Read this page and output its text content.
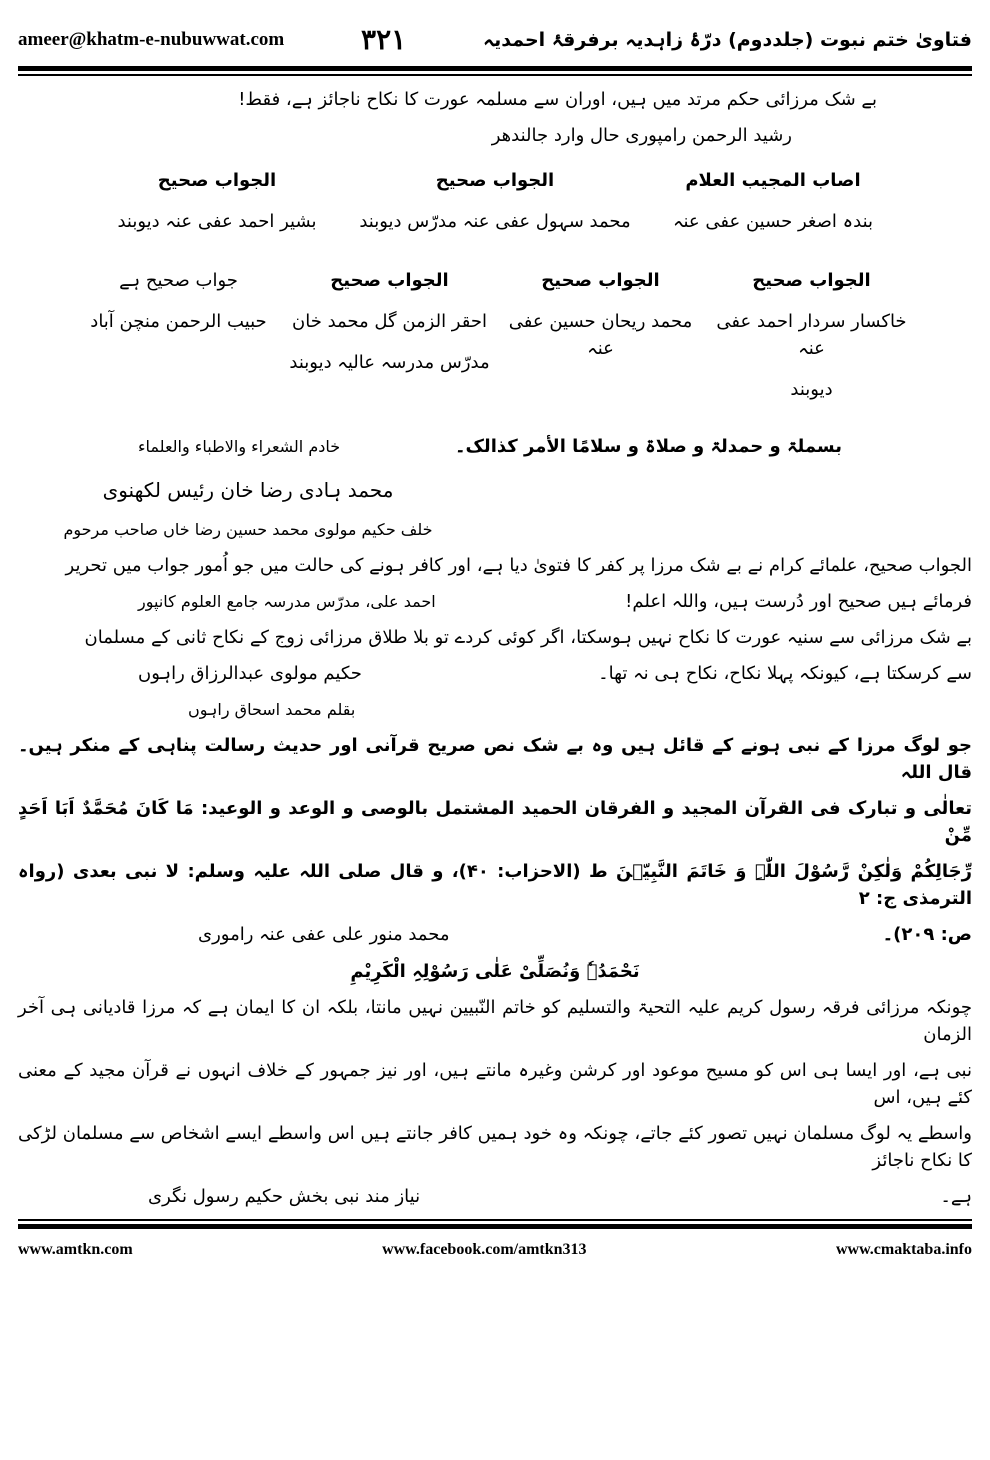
ameer@khatm-e-nubuwwat.com	۳۲۱	فتاویٰ ختم نبوت (جلددوم) درّۂ زاہدیہ برفرقۂ احمدیہ
بے شک مرزائی حکم مرتد میں ہیں، اوران سے مسلمہ عورت کا نکاح ناجائز ہے، فقط!
رشید الرحمن رامپوری حال وارد جالندھر
اصاب المجیب العلام
بندہ اصغر حسین عفی عنہ
الجواب صحیح
محمد سہول عفی عنہ مدرّس دیوبند
الجواب صحیح
بشیر احمد عفی عنہ دیوبند
الجواب صحیح
خاکسار سردار احمد عفی عنہ
دیوبند
الجواب صحیح
محمد ریحان حسین عفی عنہ
الجواب صحیح
احقر الزمن گل محمد خان
مدرّس مدرسہ عالیہ دیوبند
جواب صحیح ہے
حبیب الرحمن منچن آباد
بسملۃ و حمدلۃ و صلاۃ و سلامًا الأمر کذالک۔
خادم الشعراء والاطباء والعلماء
محمد ہادی رضا خان رئیس لکھنوی
خلف حکیم مولوی محمد حسین رضا خاں صاحب مرحوم
الجواب صحیح، علمائے کرام نے بے شک مرزا پر کفر کا فتویٰ دیا ہے، اور کافر ہونے کی حالت میں جو اُمور جواب میں تحریر
فرمائے ہیں صحیح اور دُرست ہیں، واللہ اعلم!
احمد علی، مدرّس مدرسہ جامع العلوم کانپور
بے شک مرزائی سے سنیہ عورت کا نکاح نہیں ہوسکتا، اگر کوئی کردے تو بلا طلاق مرزائی زوج کے نکاح ثانی کے مسلمان
سے کرسکتا ہے، کیونکہ پہلا نکاح، نکاح ہی نہ تھا۔
حکیم مولوی عبدالرزاق راہوں
بقلم محمد اسحاق راہوں
جو لوگ مرزا کے نبی ہونے کے قائل ہیں وہ بے شک نص صریح قرآنی اور حدیث رسالت پناہی کے منکر ہیں۔ قال اللہ
تعالٰی و تبارک فی القرآن المجید و الفرقان الحمید المشتمل بالوصی و الوعد و الوعید: مَا کَانَ مُحَمَّدٌ اَبَا اَحَدٍ مِّنْ
رِّجَالِکُمْ وَلٰکِنْ رَّسُوْلَ اللّٰہِ وَ خَاتَمَ النَّبِیّٖنَ ط (الاحزاب: ۴۰)، و قال صلی اللہ علیہ وسلم: لا نبی بعدی (رواہ الترمذی ج: ۲
ص: ۲۰۹)۔
محمد منور علی عفی عنہ راموری
نَحْمَدُہٗ وَنُصَلِّیْ عَلٰی رَسُوْلِہِ الْکَرِیْمِ
چونکہ مرزائی فرقہ رسول کریم علیہ التحیۃ والتسلیم کو خاتم النّبیین نہیں مانتا، بلکہ ان کا ایمان ہے کہ مرزا قادیانی ہی آخر الزمان
نبی ہے، اور ایسا ہی اس کو مسیح موعود اور کرشن وغیرہ مانتے ہیں، اور نیز جمہور کے خلاف انہوں نے قرآن مجید کے معنی کئے ہیں، اس
واسطے یہ لوگ مسلمان نہیں تصور کئے جاتے، چونکہ وہ خود ہمیں کافر جانتے ہیں اس واسطے ایسے اشخاص سے مسلمان لڑکی کا نکاح ناجائز
ہے۔
نیاز مند نبی بخش حکیم رسول نگری
www.amtkn.com	www.facebook.com/amtkn313	www.cmaktaba.info
